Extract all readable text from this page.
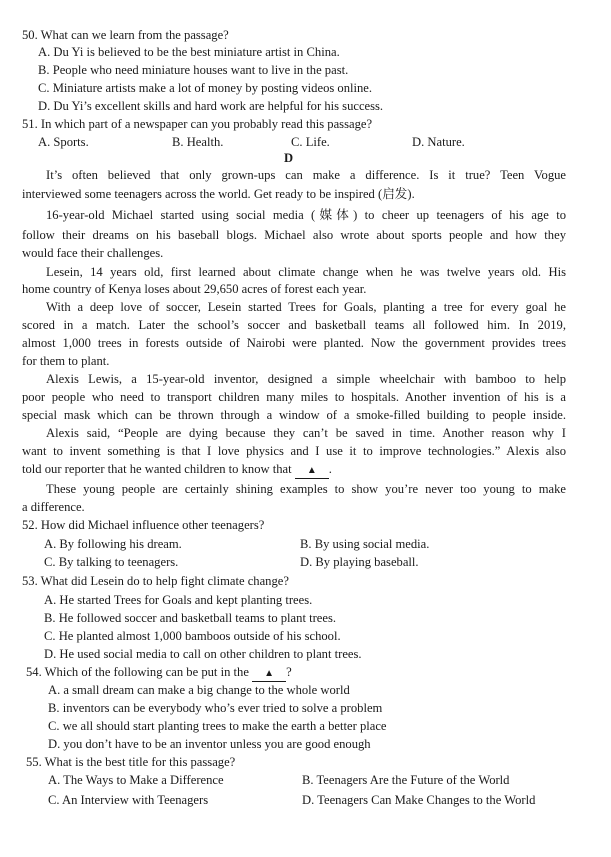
50. What can we learn from the passage?
A. Du Yi is believed to be the best miniature artist in China.
B. People who need miniature houses want to live in the past.
C. Miniature artists make a lot of money by posting videos online.
D. Du Yi’s excellent skills and hard work are helpful for his success.
51. In which part of a newspaper can you probably read this passage?
A. Sports.	B. Health.	C. Life.	D. Nature.
D
It’s often believed that only grown-ups can make a difference. Is it true? Teen Vogue
interviewed some teenagers across the world. Get ready to be inspired (启发).
16-year-old Michael started using social media (媒体) to cheer up teenagers of his age to
follow their dreams on his baseball blogs. Michael also wrote about sports people and how they
would face their challenges.
Lesein, 14 years old, first learned about climate change when he was twelve years old. His
home country of Kenya loses about 29,650 acres of forest each year.
With a deep love of soccer, Lesein started Trees for Goals, planting a tree for every goal he
scored in a match. Later the school’s soccer and basketball teams all followed him. In 2019,
almost 1,000 trees in forests outside of Nairobi were planted. Now the government provides trees
for them to plant.
Alexis Lewis, a 15-year-old inventor, designed a simple wheelchair with bamboo to help
poor people who need to transport children many miles to hospitals. Another invention of his is a
special mask which can be thrown through a window of a smoke-filled building to people inside.
Alexis said, “People are dying because they can’t be saved in time. Another reason why I
want to invent something is that I love physics and I use it to improve technologies.” Alexis also
told our reporter that he wanted children to know that ▲ .
These young people are certainly shining examples to show you’re never too young to make
a difference.
52. How did Michael influence other teenagers?
A. By following his dream.	B. By using social media.
C. By talking to teenagers.	D. By playing baseball.
53. What did Lesein do to help fight climate change?
A. He started Trees for Goals and kept planting trees.
B. He followed soccer and basketball teams to plant trees.
C. He planted almost 1,000 bamboos outside of his school.
D. He used social media to call on other children to plant trees.
54. Which of the following can be put in the ▲ ?
A. a small dream can make a big change to the whole world
B. inventors can be everybody who’s ever tried to solve a problem
C. we all should start planting trees to make the earth a better place
D. you don’t have to be an inventor unless you are good enough
55. What is the best title for this passage?
A. The Ways to Make a Difference	B. Teenagers Are the Future of the World
C. An Interview with Teenagers	D. Teenagers Can Make Changes to the World
